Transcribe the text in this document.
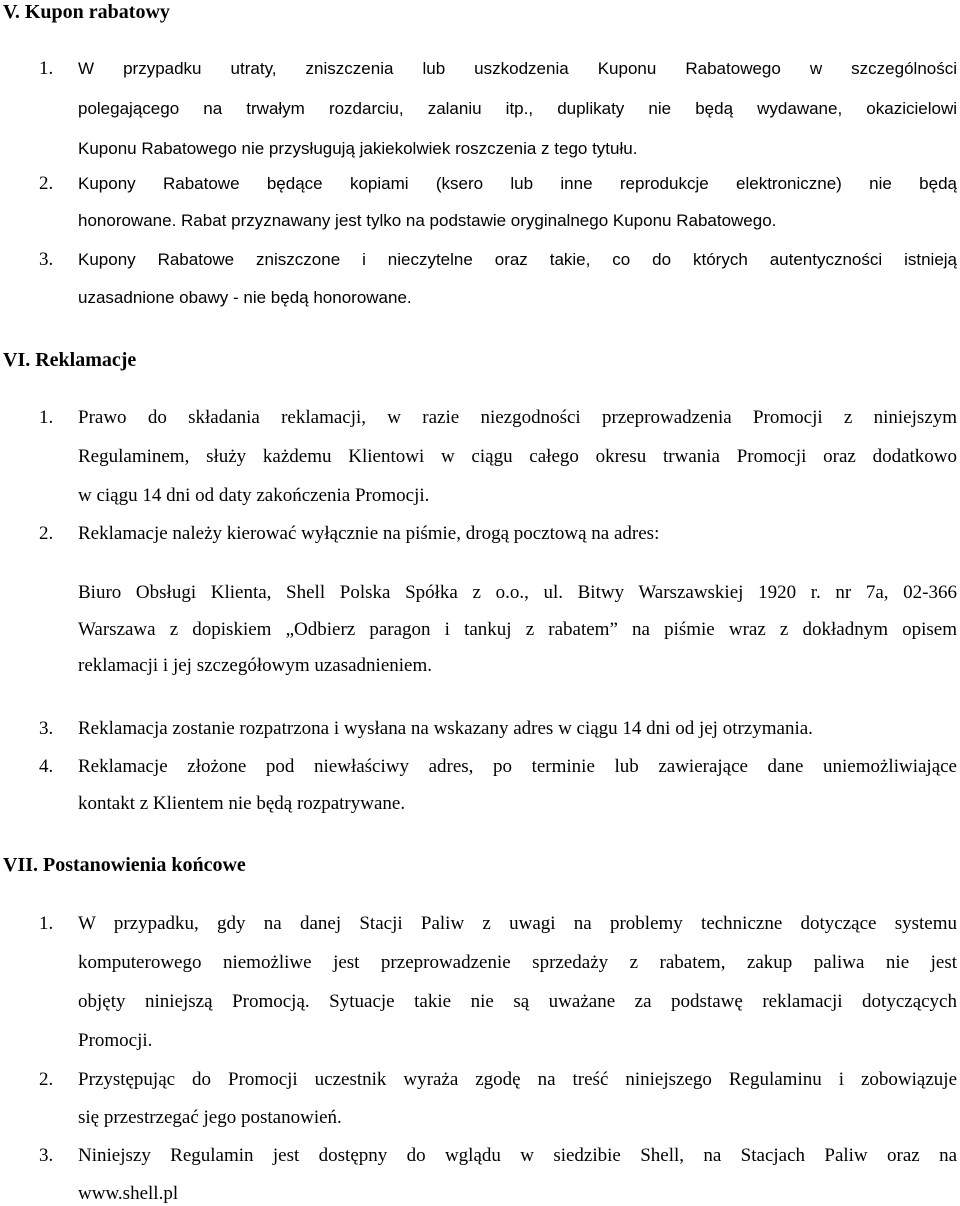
V. Kupon rabatowy
1. W przypadku utraty, zniszczenia lub uszkodzenia Kuponu Rabatowego w szczególności
polegającego na trwałym rozdarciu, zalaniu itp., duplikaty nie będą wydawane, okazicielowi
Kuponu Rabatowego nie przysługują jakiekolwiek roszczenia z tego tytułu.
2. Kupony Rabatowe będące kopiami (ksero lub inne reprodukcje elektroniczne) nie będą
honorowane. Rabat przyznawany jest tylko na podstawie oryginalnego Kuponu Rabatowego.
3. Kupony Rabatowe zniszczone i nieczytelne oraz takie, co do których autentyczności istnieją
uzasadnione obawy - nie będą honorowane.
VI. Reklamacje
1. Prawo do składania reklamacji, w razie niezgodności przeprowadzenia Promocji z niniejszym
Regulaminem, służy każdemu Klientowi w ciągu całego okresu trwania Promocji oraz dodatkowo
w ciągu 14 dni od daty zakończenia Promocji.
2. Reklamacje należy kierować wyłącznie na piśmie, drogą pocztową na adres:
Biuro Obsługi Klienta, Shell Polska Spółka z o.o., ul. Bitwy Warszawskiej 1920 r. nr 7a, 02-366
Warszawa z dopiskiem „Odbierz paragon i tankuj z rabatem” na piśmie wraz z dokładnym opisem
reklamacji i jej szczegółowym uzasadnieniem.
3. Reklamacja zostanie rozpatrzona i wysłana na wskazany adres w ciągu 14 dni od jej otrzymania.
4. Reklamacje złożone pod niewłaściwy adres, po terminie lub zawierające dane uniemożliwiające
kontakt z Klientem nie będą rozpatrywane.
VII. Postanowienia końcowe
1. W przypadku, gdy na danej Stacji Paliw z uwagi na problemy techniczne dotyczące systemu
komputerowego niemożliwe jest przeprowadzenie sprzedaży z rabatem, zakup paliwa nie jest
objęty niniejszą Promocją. Sytuacje takie nie są uważane za podstawę reklamacji dotyczących
Promocji.
2. Przystępując do Promocji uczestnik wyraża zgodę na treść niniejszego Regulaminu i zobowiązuje
się przestrzegać jego postanowień.
3. Niniejszy Regulamin jest dostępny do wglądu w siedzibie Shell, na Stacjach Paliw oraz na
www.shell.pl
